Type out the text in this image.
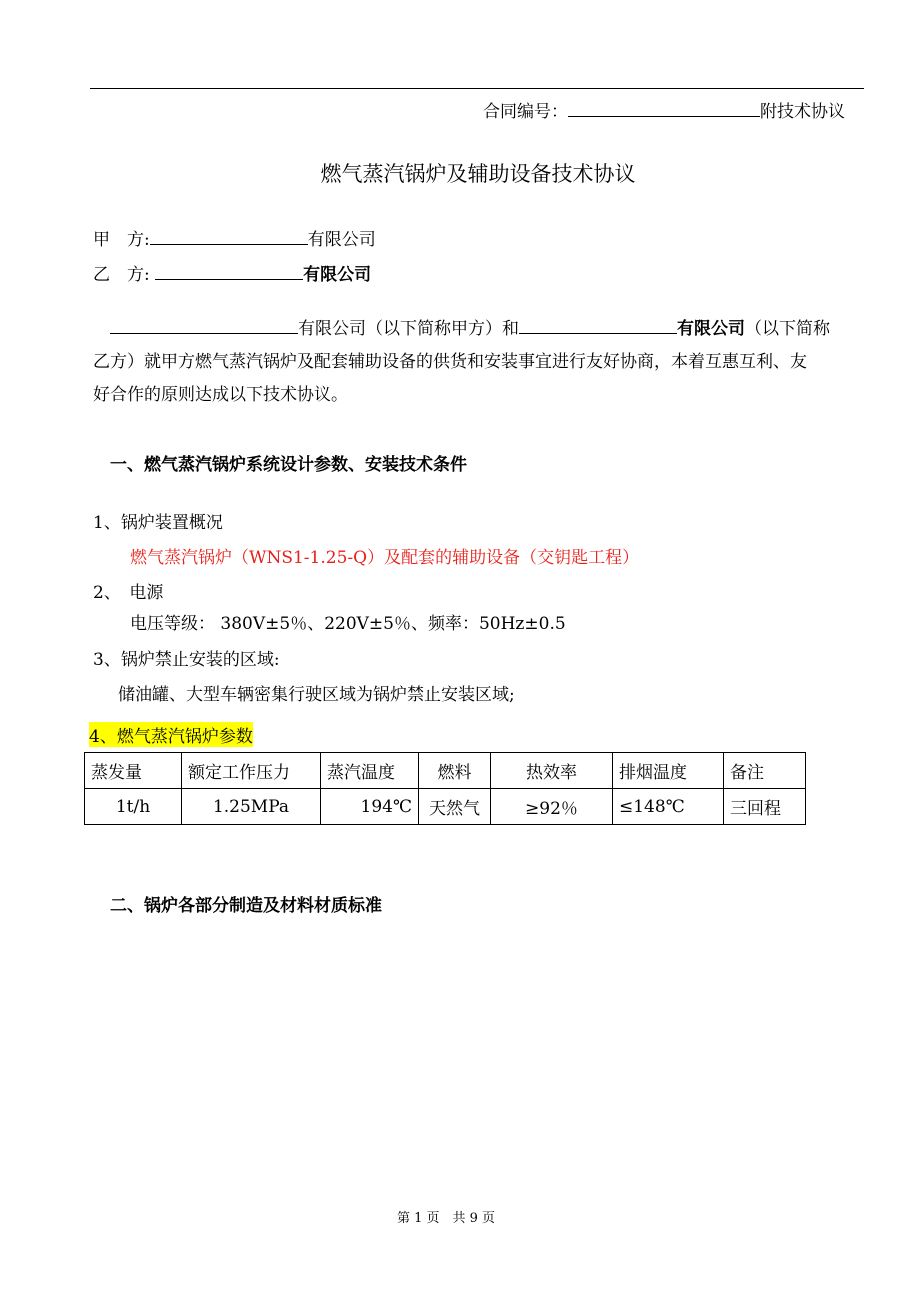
合同编号：	附技术协议
燃气蒸汽锅炉及辅助设备技术协议
甲　方:	有限公司
乙　方:	有限公司
有限公司（以下简称甲方）和	有限公司（以下简称
乙方）就甲方燃气蒸汽锅炉及配套辅助设备的供货和安装事宜进行友好协商，本着互惠互利、友
好合作的原则达成以下技术协议。
一、燃气蒸汽锅炉系统设计参数、安装技术条件
1、锅炉装置概况
燃气蒸汽锅炉（WNS1-1.25-Q）及配套的辅助设备（交钥匙工程）
2、　电源
电压等级： 380V±5％、220V±5％、频率：50Hz±0.5
3、锅炉禁止安装的区域:
储油罐、大型车辆密集行驶区域为锅炉禁止安装区域;
4、燃气蒸汽锅炉参数
蒸发量	额定工作压力	蒸汽温度	燃料	热效率	排烟温度	备注
1t/h	1.25MPa	194℃	天然气	≥92％	≤148℃	三回程
二、锅炉各部分制造及材料材质标准
第 1 页　共 9 页
